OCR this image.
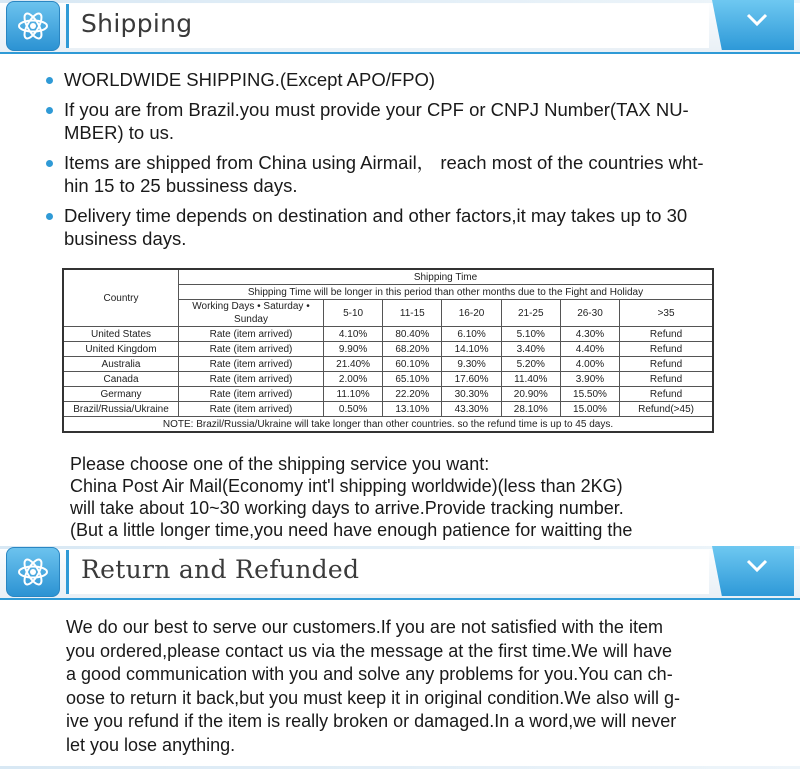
Shipping
WORLDWIDE SHIPPING.(Except APO/FPO)
If you are from Brazil.you must provide your CPF or CNPJ Number(TAX NU-
MBER) to us.
Items are shipped from China using Airmail， reach most of the countries wht-
hin 15 to 25 bussiness days.
Delivery time depends on destination and other factors,it may takes up to 30
business days.
Country	Shipping Time						
	Shipping Time will be longer in this period than other months due to the Fight and Holiday						
	Working Days • Saturday • Sunday	5-10	11-15	16-20	21-25	26-30	>35
United States	Rate (item arrived)	4.10%	80.40%	6.10%	5.10%	4.30%	Refund
United Kingdom	Rate (item arrived)	9.90%	68.20%	14.10%	3.40%	4.40%	Refund
Australia	Rate (item arrived)	21.40%	60.10%	9.30%	5.20%	4.00%	Refund
Canada	Rate (item arrived)	2.00%	65.10%	17.60%	11.40%	3.90%	Refund
Germany	Rate (item arrived)	11.10%	22.20%	30.30%	20.90%	15.50%	Refund
Brazil/Russia/Ukraine	Rate (item arrived)	0.50%	13.10%	43.30%	28.10%	15.00%	Refund(>45)
NOTE: Brazil/Russia/Ukraine will take longer than other countries. so the refund time is up to 45 days.							
Please choose one of the shipping service you want:
China Post Air Mail(Economy int'l shipping worldwide)(less than 2KG)
will take about 10~30 working days to arrive.Provide tracking number.
(But a little longer time,you need have enough patience for waitting the
Return and Refunded
We do our best to serve our customers.If you are not satisfied with the item
you ordered,please contact us via the message at the first time.We will have
a good communication with you and solve any problems for you.You can ch-
oose to return it back,but you must keep it in original condition.We also will g-
ive you refund if the item is really broken or damaged.In a word,we will never
let you lose anything.
